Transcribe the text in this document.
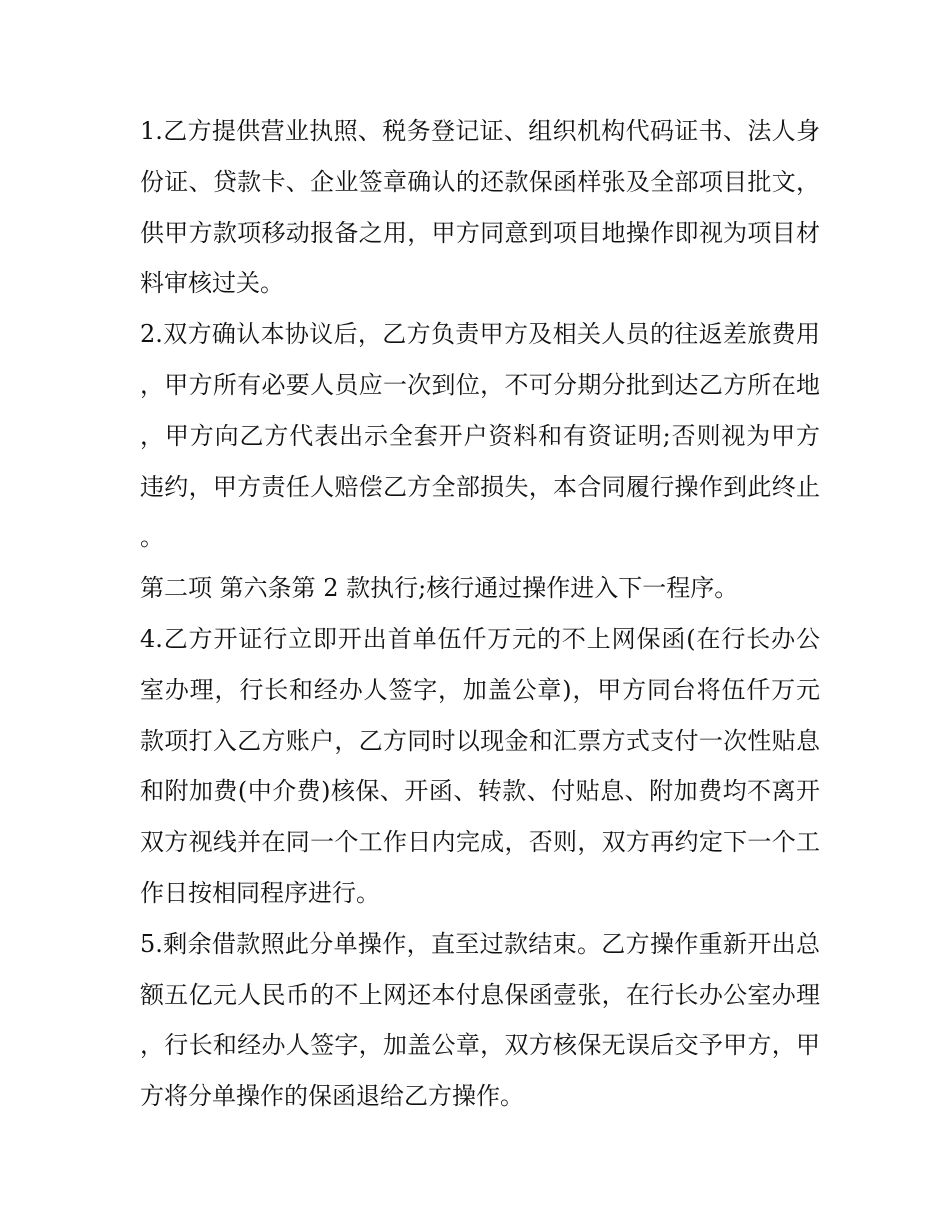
1.乙方提供营业执照、税务登记证、组织机构代码证书、法人身份证、贷款卡、企业签章确认的还款保函样张及全部项目批文，供甲方款项移动报备之用，甲方同意到项目地操作即视为项目材料审核过关。

2.双方确认本协议后，乙方负责甲方及相关人员的往返差旅费用，甲方所有必要人员应一次到位，不可分期分批到达乙方所在地，甲方向乙方代表出示全套开户资料和有资证明;否则视为甲方违约，甲方责任人赔偿乙方全部损失，本合同履行操作到此终止。

第二项 第六条第 2 款执行;核行通过操作进入下一程序。

4.乙方开证行立即开出首单伍仟万元的不上网保函(在行长办公室办理，行长和经办人签字，加盖公章)，甲方同台将伍仟万元款项打入乙方账户，乙方同时以现金和汇票方式支付一次性贴息和附加费(中介费)核保、开函、转款、付贴息、附加费均不离开双方视线并在同一个工作日内完成，否则，双方再约定下一个工作日按相同程序进行。

5.剩余借款照此分单操作，直至过款结束。乙方操作重新开出总额五亿元人民币的不上网还本付息保函壹张，在行长办公室办理，行长和经办人签字，加盖公章，双方核保无误后交予甲方，甲方将分单操作的保函退给乙方操作。
